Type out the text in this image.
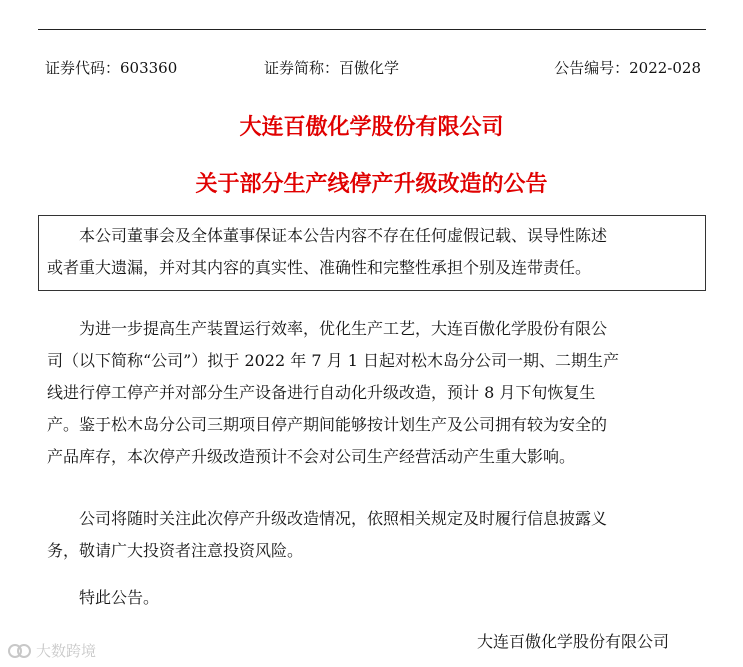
证券代码：603360	证券简称：百傲化学	公告编号：2022-028
大连百傲化学股份有限公司
关于部分生产线停产升级改造的公告
本公司董事会及全体董事保证本公告内容不存在任何虚假记载、误导性陈述
或者重大遗漏，并对其内容的真实性、准确性和完整性承担个别及连带责任。
为进一步提高生产装置运行效率，优化生产工艺，大连百傲化学股份有限公
司（以下简称“公司”）拟于 2022 年 7 月 1 日起对松木岛分公司一期、二期生产
线进行停工停产并对部分生产设备进行自动化升级改造，预计 8 月下旬恢复生
产。鉴于松木岛分公司三期项目停产期间能够按计划生产及公司拥有较为安全的
产品库存，本次停产升级改造预计不会对公司生产经营活动产生重大影响。
公司将随时关注此次停产升级改造情况，依照相关规定及时履行信息披露义
务，敬请广大投资者注意投资风险。
特此公告。
大连百傲化学股份有限公司
大数跨境
